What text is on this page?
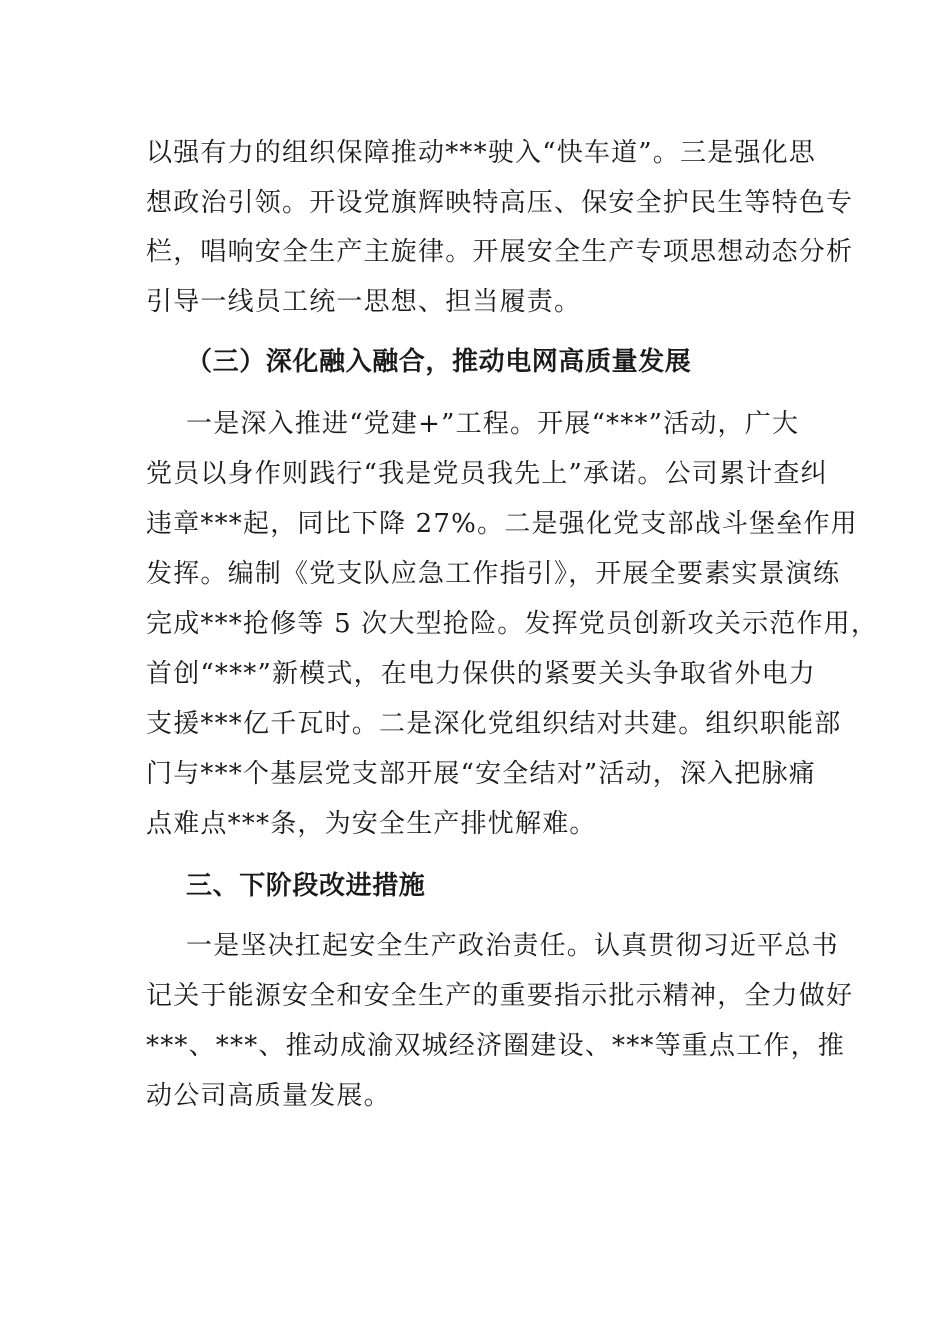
以强有力的组织保障推动***驶入“快车道”。三是强化思
想政治引领。开设党旗辉映特高压、保安全护民生等特色专
栏，唱响安全生产主旋律。开展安全生产专项思想动态分析
引导一线员工统一思想、担当履责。
（三）深化融入融合，推动电网高质量发展
一是深入推进“党建+”工程。开展“***”活动，广大
党员以身作则践行“我是党员我先上”承诺。公司累计查纠
违章***起，同比下降 27%。二是强化党支部战斗堡垒作用
发挥。编制《党支队应急工作指引》，开展全要素实景演练
完成***抢修等 5 次大型抢险。发挥党员创新攻关示范作用，
首创“***”新模式，在电力保供的紧要关头争取省外电力
支援***亿千瓦时。二是深化党组织结对共建。组织职能部
门与***个基层党支部开展“安全结对”活动，深入把脉痛
点难点***条，为安全生产排忧解难。
三、下阶段改进措施
一是坚决扛起安全生产政治责任。认真贯彻习近平总书
记关于能源安全和安全生产的重要指示批示精神，全力做好
***、***、推动成渝双城经济圈建设、***等重点工作，推
动公司高质量发展。
